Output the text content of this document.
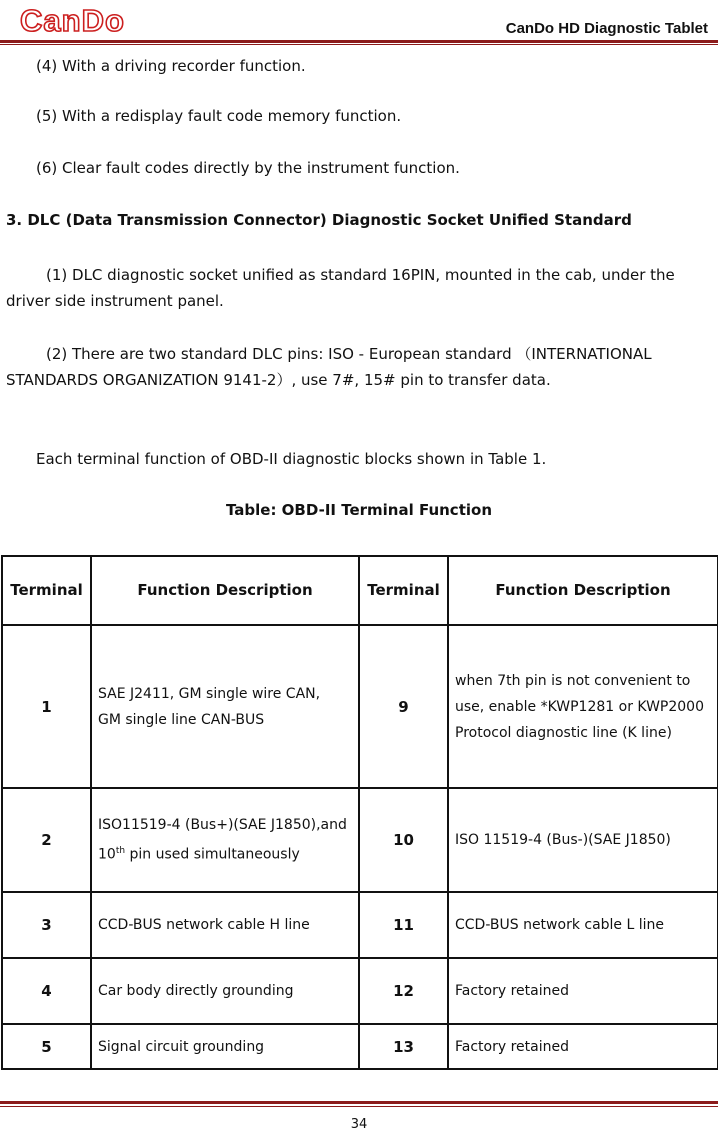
CanDo	CanDo HD Diagnostic Tablet
(4) With a driving recorder function.
(5) With a redisplay fault code memory function.
(6) Clear fault codes directly by the instrument function.
3. DLC (Data Transmission Connector) Diagnostic Socket Unified Standard
(1) DLC diagnostic socket unified as standard 16PIN, mounted in the cab, under the driver side instrument panel.
(2) There are two standard DLC pins: ISO - European standard （INTERNATIONAL STANDARDS ORGANIZATION 9141-2）, use 7#, 15# pin to transfer data.
Each terminal function of OBD-II diagnostic blocks shown in Table 1.
Table: OBD-II Terminal Function
Terminal	Function Description	Terminal	Function Description
1	SAE J2411, GM single wire CAN,
GM single line CAN-BUS	9	when 7th pin is not convenient to use, enable *KWP1281 or KWP2000 Protocol diagnostic line (K line)
2	ISO11519-4 (Bus+)(SAE J1850),and 10th pin used simultaneously	10	ISO 11519-4 (Bus-)(SAE J1850)
3	CCD-BUS network cable H line	11	CCD-BUS network cable L line
4	Car body directly grounding	12	Factory retained
5	Signal circuit grounding	13	Factory retained
34
